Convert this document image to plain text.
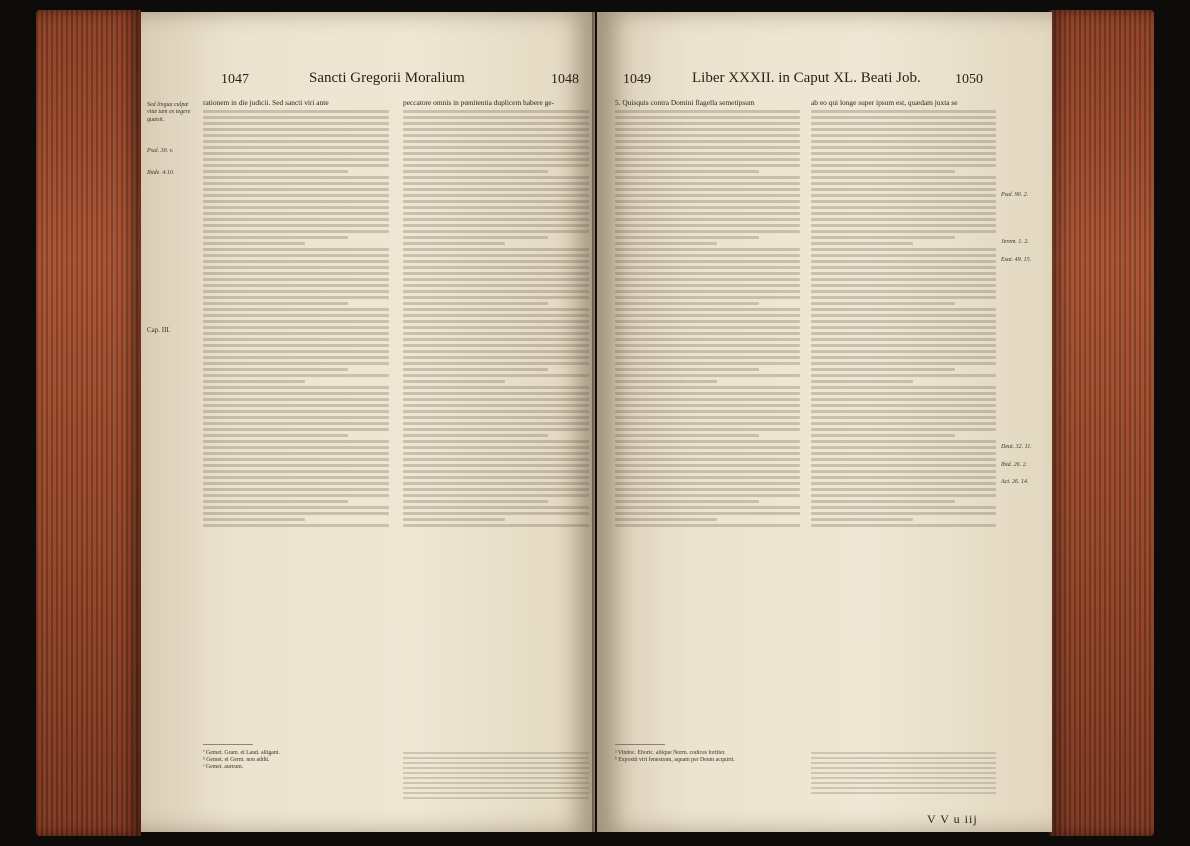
1047	Sancti Gregorii Moralium	1048
Sed lingua culpæ vitæ tam ex tegere quæsit.
Psal. 30. v.
Ibide. 4.10.
Cap. III.
rationem in die judicii. Sed sancti viri ante	peccatore omnis in pœnitentia duplicem habere ge-
ª Gemet. Gram. et Laud. alligant.
ᵇ Gemet. et Germ. non addit.
ᶜ Gemet. aureum.
1049	Liber XXXII. in Caput XL. Beati Job. 1050
Psal. 90. 2.
Jerem. 1. 2.
Esai. 49. 15.
Deut. 32. 11.
Ibid. 26. 2.
Act. 26. 14.
5. Quisquis contra Domini flagella semetipsum	ab eo qui longe super ipsum est, quædam juxta se
ᵃ Vindoc. Eboric. aliique Norm. codices fortiter.
ᵇ Expositi viri fenestram, aquam per Deum acquirit.
V V u iij
